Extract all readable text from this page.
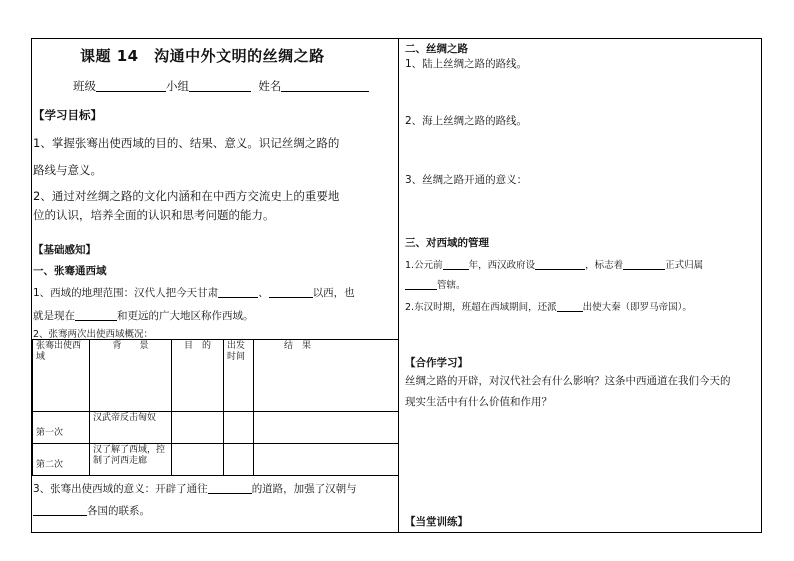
课题 14　沟通中外文明的丝绸之路
班级	小组	姓名
【学习目标】
1、掌握张骞出使西域的目的、结果、意义。识记丝绸之路的
路线与意义。
2、通过对丝绸之路的文化内涵和在中西方交流史上的重要地
位的认识，培养全面的认识和思考问题的能力。
【基础感知】
一、张骞通西域
1、西域的地理范围：汉代人把今天甘肃	、	以西，也
就是现在	和更远的广大地区称作西域。
2、张骞两次出使西域概况：
张骞出使西　域	背　　景	目　的	出发时间	结　果
第一次	汉武帝反击匈奴			
第二次	汉了解了西域，控制了河西走廊			
3、张骞出使西域的意义：开辟了通往	的道路，加强了汉朝与
各国的联系。
二、丝绸之路
1、陆上丝绸之路的路线。
2、海上丝绸之路的路线。
3、丝绸之路开通的意义：
三、对西域的管理
1.公元前	年，西汉政府设	，标志着	正式归属
管辖。
2.东汉时期，班超在西域期间，还派	出使大秦（即罗马帝国）。
【合作学习】
丝绸之路的开辟，对汉代社会有什么影响？这条中西通道在我们今天的
现实生活中有什么价值和作用？
【当堂训练】
